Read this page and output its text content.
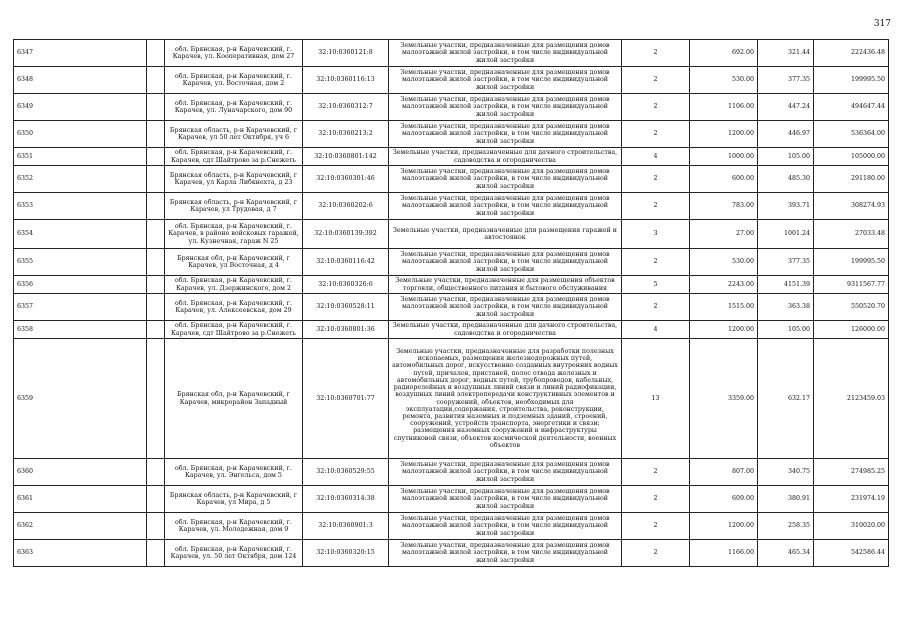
317
6347		обл. Брянская, р-н Карачевский, г. Карачев, ул. Кооперативная, дом 27	32:10:0360121:8	Земельные участки, предназначенные для размещения домов малоэтажной жилой застройки, в том числе индивидуальной жилой застройки	2	692.00	321.44	222436.48
6348		обл. Брянская, р-н Карачевский, г. Карачев, ул. Восточная, дом 2	32:10:0360116:13	Земельные участки, предназначенные для размещения домов малоэтажной жилой застройки, в том числе индивидуальной жилой застройки	2	530.00	377.35	199995.50
6349		обл. Брянская, р-н Карачевский, г. Карачев, ул. Луначарского, дом 90	32:10:0360312:7	Земельные участки, предназначенные для размещения домов малоэтажной жилой застройки, в том числе индивидуальной жилой застройки	2	1106.00	447.24	494647.44
6350		Брянская область, р-н Карачевский, г Карачев, ул 50 лет Октября, уч 6	32:10:0360213:2	Земельные участки, предназначенные для размещения домов малоэтажной жилой застройки, в том числе индивидуальной жилой застройки	2	1200.00	446.97	536364.00
6351		обл. Брянская, р-н Карачевский, г. Карачев, сдт Шайтрово за р.Снежеть	32:10:0360801:142	Земельные участки, предназначенные для дачного строительства, садоводства и огородничества	4	1000.00	105.00	105000.00
6352		Брянская область, р-н Карачевский, г Карачев, ул Карла Либкнехта, д 23	32:10:0360301:46	Земельные участки, предназначенные для размещения домов малоэтажной жилой застройки, в том числе индивидуальной жилой застройки	2	600.00	485.30	291180.00
6353		Брянская область, р-н Карачевский, г Карачев, ул Трудовая, д 7	32:10:0360202:6	Земельные участки, предназначенные для размещения домов малоэтажной жилой застройки, в том числе индивидуальной жилой застройки	2	783.00	393.71	308274.93
6354		обл. Брянская, р-н Карачевский, г. Карачев, в районе войсковых гаражей, ул. Кузнечная, гараж N 25	32:10:0360139:392	Земельные участки, предназначенные для размещения гаражей и автостоянок	3	27.00	1001.24	27033.48
6355		Брянская обл, р-н Карачевский, г Карачев, ул Восточная, д 4	32:10:0360116:42	Земельные участки, предназначенные для размещения домов малоэтажной жилой застройки, в том числе индивидуальной жилой застройки	2	530.00	377.35	199995.50
6356		обл. Брянская, р-н Карачевский, г. Карачев, ул. Дзержинского, дом 2	32:10:0360326:6	Земельные участки, предназначенные для размещения объектов торговли, общественного питания и бытового обслуживания	5	2243.00	4151.39	9311567.77
6357		обл. Брянская, р-н Карачевский, г. Карачев, ул. Алексеевская, дом 29	32:10:0360528:11	Земельные участки, предназначенные для размещения домов малоэтажной жилой застройки, в том числе индивидуальной жилой застройки	2	1515.00	363.38	550520.70
6358		обл. Брянская, р-н Карачевский, г. Карачев, сдт Шайтрово за р.Снежеть	32:10:0360801:36	Земельные участки, предназначенные для дачного строительства, садоводства и огородничества	4	1200.00	105.00	126000.00
6359		Брянская обл, р-н Карачевский, г Карачев, микрорайон Западный	32:10:0360701:77	Земельные участки, предназначенные для разработки полезных ископаемых, размещения железнодорожных путей, автомобильных дорог, искусственно созданных внутренних водных путей, причалов, пристаней, полос отвода железных и автомобильных дорог, водных путей, трубопроводов, кабельных, радиорелейных и воздушных линий связи и линий радиофикации, воздушных линий электропередачи конструктивных элементов и сооружений, объектов, необходимых для эксплуатации,содержания, строительства, реконструкции, ремонта, развития наземных и подземных зданий, строений, сооружений, устройств транспорта, энергетики и связи; размещения наземных сооружений и инфраструктуры спутниковой связи, объектов космической деятельности, военных объектов	13	3359.00	632.17	2123459.03
6360		обл. Брянская, р-н Карачевский, г. Карачев, ул. Энгельса, дом 5	32:10:0360529:55	Земельные участки, предназначенные для размещения домов малоэтажной жилой застройки, в том числе индивидуальной жилой застройки	2	807.00	340.75	274985.25
6361		Брянская область, р-н Карачевский, г Карачев, ул Мира, д 5	32:10:0360314:38	Земельные участки, предназначенные для размещения домов малоэтажной жилой застройки, в том числе индивидуальной жилой застройки	2	609.00	380.91	231974.19
6362		обл. Брянская, р-н Карачевский, г. Карачев, ул. Молодежная, дом 9	32:10:0360901:3	Земельные участки, предназначенные для размещения домов малоэтажной жилой застройки, в том числе индивидуальной жилой застройки	2	1200.00	258.35	310020.00
6363		обл. Брянская, р-н Карачевский, г. Карачев, ул. 50 лет Октября, дом 124	32:10:0360320:15	Земельные участки, предназначенные для размещения домов малоэтажной жилой застройки, в том числе индивидуальной жилой застройки	2	1166.00	465.34	542586.44
